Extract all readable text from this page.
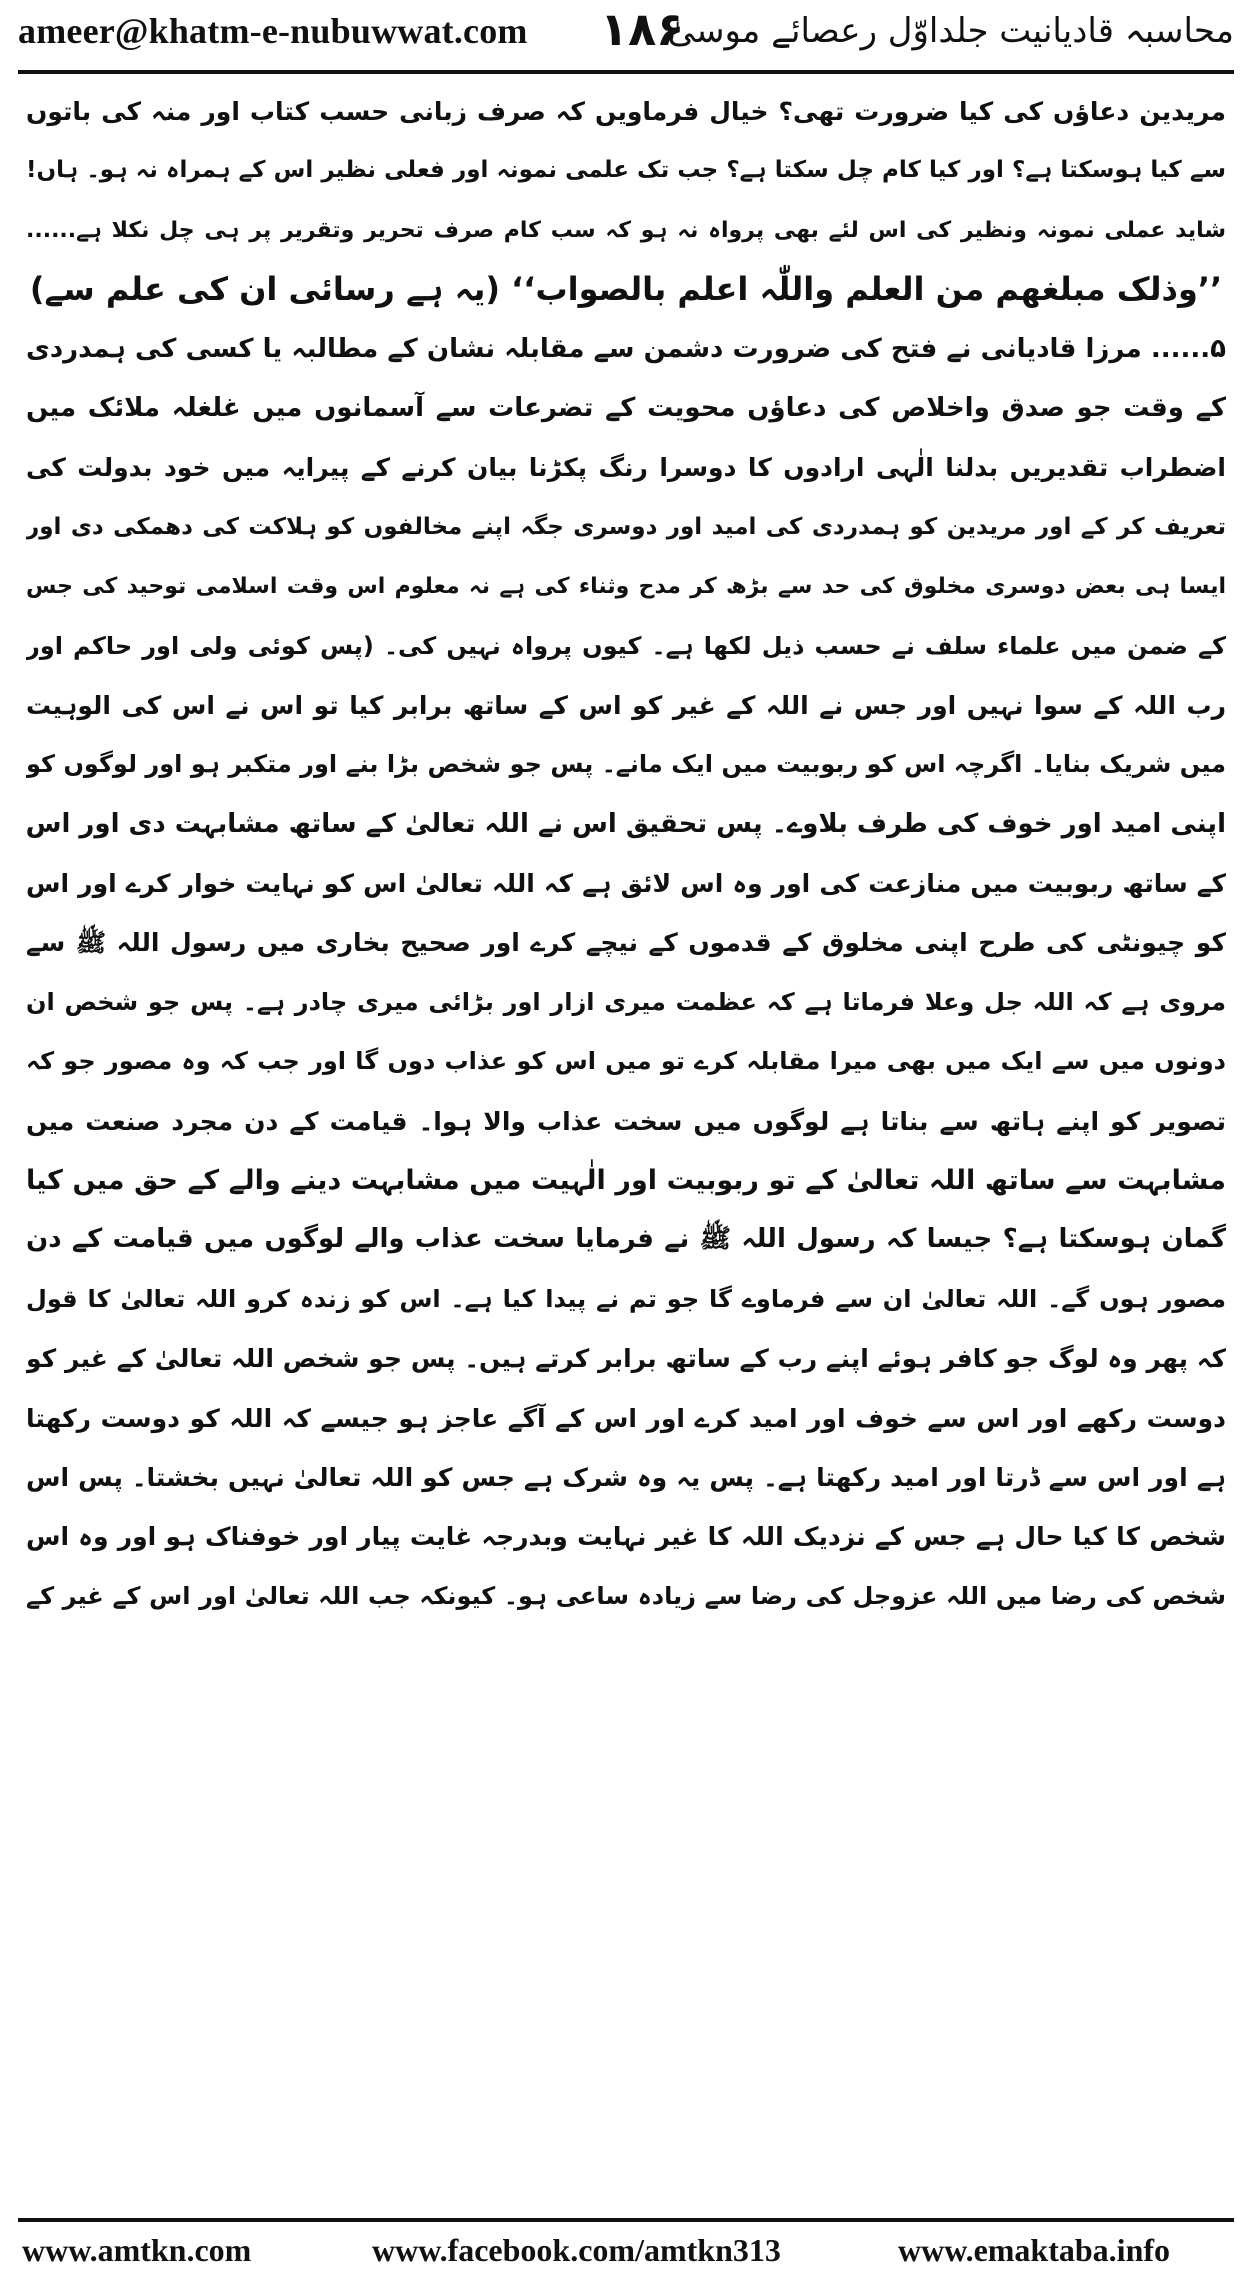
ameer@khatm-e-nubuwwat.com ۱۸۶
محاسبہ قادیانیت جلداوّل رعصائے موسیٰ
مریدین دعاؤں کی کیا ضرورت تھی؟ خیال فرماویں کہ صرف زبانی حسب کتاب اور منہ کی باتوں
سے کیا ہوسکتا ہے؟ اور کیا کام چل سکتا ہے؟ جب تک علمی نمونہ اور فعلی نظیر اس کے ہمراہ نہ ہو۔ ہاں!
شاید عملی نمونہ ونظیر کی اس لئے بھی پرواہ نہ ہو کہ سب کام صرف تحریر وتقریر پر ہی چل نکلا ہے......
’’وذلک مبلغهم من العلم واللّٰہ اعلم بالصواب‘‘ (یہ ہے رسائی ان کی علم سے)
۵...... مرزا قادیانی نے فتح کی ضرورت دشمن سے مقابلہ نشان کے مطالبہ یا کسی کی ہمدردی
کے وقت جو صدق واخلاص کی دعاؤں محویت کے تضرعات سے آسمانوں میں غلغلہ ملائک میں
اضطراب تقدیریں بدلنا الٰہی ارادوں کا دوسرا رنگ پکڑنا بیان کرنے کے پیرایہ میں خود بدولت کی
تعریف کر کے اور مریدین کو ہمدردی کی امید اور دوسری جگہ اپنے مخالفوں کو ہلاکت کی دھمکی دی اور
ایسا ہی بعض دوسری مخلوق کی حد سے بڑھ کر مدح وثناء کی ہے نہ معلوم اس وقت اسلامی توحید کی جس
کے ضمن میں علماء سلف نے حسب ذیل لکھا ہے۔ کیوں پرواہ نہیں کی۔ (پس کوئی ولی اور حاکم اور
رب اللہ کے سوا نہیں اور جس نے اللہ کے غیر کو اس کے ساتھ برابر کیا تو اس نے اس کی الوہیت
میں شریک بنایا۔ اگرچہ اس کو ربوبیت میں ایک مانے۔ پس جو شخص بڑا بنے اور متکبر ہو اور لوگوں کو
اپنی امید اور خوف کی طرف بلاوے۔ پس تحقیق اس نے اللہ تعالیٰ کے ساتھ مشابہت دی اور اس
کے ساتھ ربوبیت میں منازعت کی اور وہ اس لائق ہے کہ اللہ تعالیٰ اس کو نہایت خوار کرے اور اس
کو چیونٹی کی طرح اپنی مخلوق کے قدموں کے نیچے کرے اور صحیح بخاری میں رسول اللہ ﷺ سے
مروی ہے کہ اللہ جل وعلا فرماتا ہے کہ عظمت میری ازار اور بڑائی میری چادر ہے۔ پس جو شخص ان
دونوں میں سے ایک میں بھی میرا مقابلہ کرے تو میں اس کو عذاب دوں گا اور جب کہ وہ مصور جو کہ
تصویر کو اپنے ہاتھ سے بناتا ہے لوگوں میں سخت عذاب والا ہوا۔ قیامت کے دن مجرد صنعت میں
مشابہت سے ساتھ اللہ تعالیٰ کے تو ربوبیت اور الٰہیت میں مشابہت دینے والے کے حق میں کیا
گمان ہوسکتا ہے؟ جیسا کہ رسول اللہ ﷺ نے فرمایا سخت عذاب والے لوگوں میں قیامت کے دن
مصور ہوں گے۔ اللہ تعالیٰ ان سے فرماوے گا جو تم نے پیدا کیا ہے۔ اس کو زندہ کرو اللہ تعالیٰ کا قول
کہ پھر وہ لوگ جو کافر ہوئے اپنے رب کے ساتھ برابر کرتے ہیں۔ پس جو شخص اللہ تعالیٰ کے غیر کو
دوست رکھے اور اس سے خوف اور امید کرے اور اس کے آگے عاجز ہو جیسے کہ اللہ کو دوست رکھتا
ہے اور اس سے ڈرتا اور امید رکھتا ہے۔ پس یہ وہ شرک ہے جس کو اللہ تعالیٰ نہیں بخشتا۔ پس اس
شخص کا کیا حال ہے جس کے نزدیک اللہ کا غیر نہایت وبدرجہ غایت پیار اور خوفناک ہو اور وہ اس
شخص کی رضا میں اللہ عزوجل کی رضا سے زیادہ ساعی ہو۔ کیونکہ جب اللہ تعالیٰ اور اس کے غیر کے
www.amtkn.com	www.facebook.com/amtkn313	www.emaktaba.info
